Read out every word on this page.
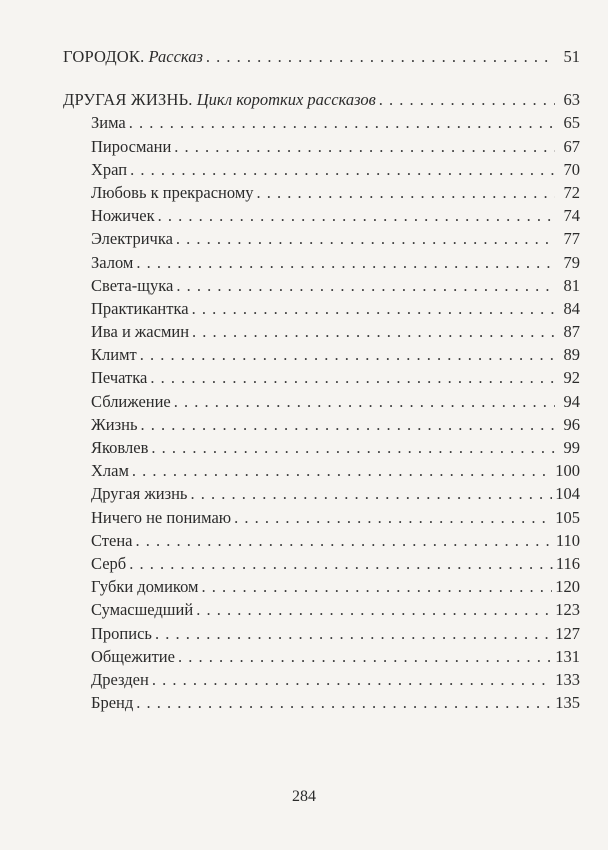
ГОРОДОК. Рассказ . . .	51
ДРУГАЯ ЖИЗНЬ. Цикл коротких рассказов . . .	63
Зима . . .	65
Пиросмани . . .	67
Храп . . .	70
Любовь к прекрасному . . .	72
Ножичек . . .	74
Электричка . . .	77
Залом . . .	79
Света-щука . . .	81
Практикантка . . .	84
Ива и жасмин . . .	87
Климт . . .	89
Печатка . . .	92
Сближение . . .	94
Жизнь . . .	96
Яковлев . . .	99
Хлам . . .	100
Другая жизнь . . .	104
Ничего не понимаю . . .	105
Стена . . .	110
Серб . . .	116
Губки домиком . . .	120
Сумасшедший . . .	123
Пропись . . .	127
Общежитие . . .	131
Дрезден . . .	133
Бренд . . .	135
284
